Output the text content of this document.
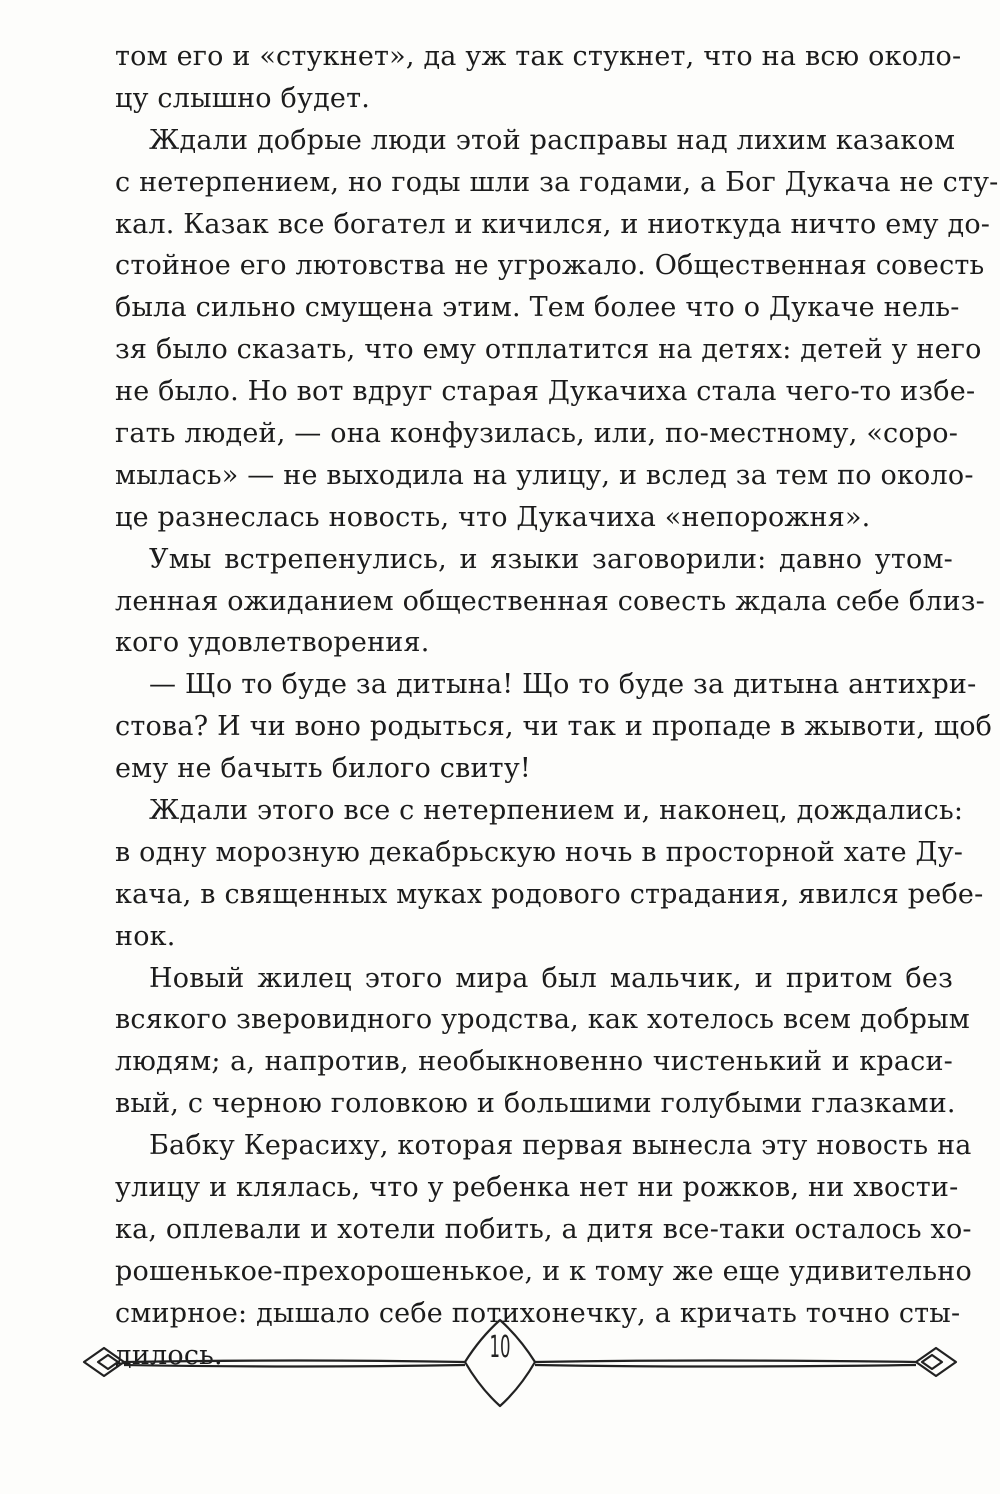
том его и «стукнет», да уж так стукнет, что на всю около-
цу слышно будет.
Ждали добрые люди этой расправы над лихим казаком
с нетерпением, но годы шли за годами, а Бог Дукача не сту-
кал. Казак все богател и кичился, и ниоткуда ничто ему до-
стойное его лютовства не угрожало. Общественная совесть
была сильно смущена этим. Тем более что о Дукаче нель-
зя было сказать, что ему отплатится на детях: детей у него
не было. Но вот вдруг старая Дукачиха стала чего-то избе-
гать людей, — она конфузилась, или, по-местному, «соро-
мылась» — не выходила на улицу, и вслед за тем по около-
це разнеслась новость, что Дукачиха «непорожня».
Умы встрепенулись, и языки заговорили: давно утом-
ленная ожиданием общественная совесть ждала себе близ-
кого удовлетворения.
— Що то буде за дитына! Що то буде за дитына антихри-
стова? И чи воно родыться, чи так и пропаде в жывоти, щоб
ему не бачыть билого свиту!
Ждали этого все с нетерпением и, наконец, дождались:
в одну морозную декабрьскую ночь в просторной хате Ду-
кача, в священных муках родового страдания, явился ребе-
нок.
Новый жилец этого мира был мальчик, и притом без
всякого зверовидного уродства, как хотелось всем добрым
людям; а, напротив, необыкновенно чистенький и краси-
вый, с черною головкою и большими голубыми глазками.
Бабку Керасиху, которая первая вынесла эту новость на
улицу и клялась, что у ребенка нет ни рожков, ни хвости-
ка, оплевали и хотели побить, а дитя все-таки осталось хо-
рошенькое-прехорошенькое, и к тому же еще удивительно
смирное: дышало себе потихонечку, а кричать точно сты-
дилось.	10
